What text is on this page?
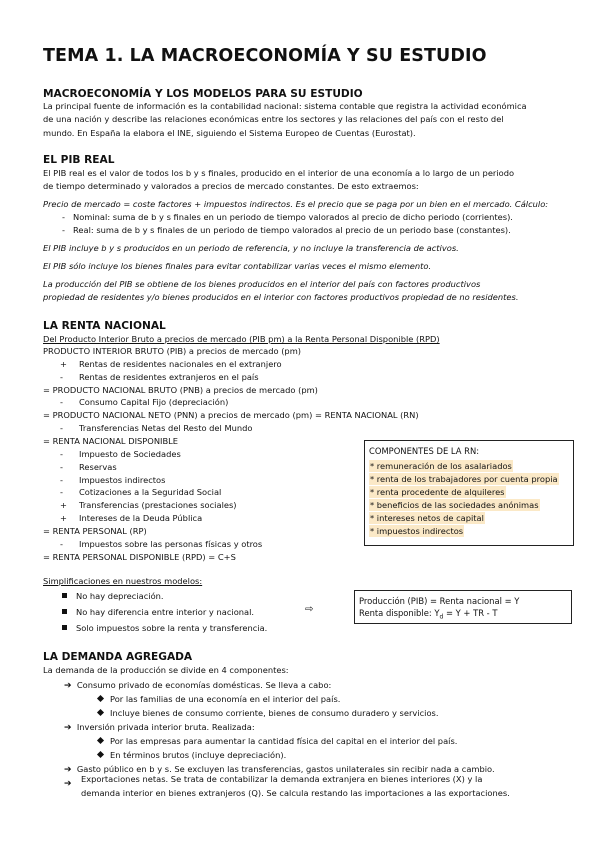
TEMA 1. LA MACROECONOMÍA Y SU ESTUDIO
MACROECONOMÍA Y LOS MODELOS PARA SU ESTUDIO
La principal fuente de información es la contabilidad nacional: sistema contable que registra la actividad económica
de una nación y describe las relaciones económicas entre los sectores y las relaciones del país con el resto del
mundo. En España la elabora el INE, siguiendo el Sistema Europeo de Cuentas (Eurostat).
EL PIB REAL
El PIB real es el valor de todos los b y s finales, producido en el interior de una economía a lo largo de un periodo
de tiempo determinado y valorados a precios de mercado constantes. De esto extraemos:
Precio de mercado = coste factores + impuestos indirectos. Es el precio que se paga por un bien en el mercado. Cálculo:
- Nominal: suma de b y s finales en un periodo de tiempo valorados al precio de dicho periodo (corrientes).
- Real: suma de b y s finales de un periodo de tiempo valorados al precio de un periodo base (constantes).
El PIB incluye b y s producidos en un periodo de referencia, y no incluye la transferencia de activos.
El PIB sólo incluye los bienes finales para evitar contabilizar varias veces el mismo elemento.
La producción del PIB se obtiene de los bienes producidos en el interior del país con factores productivos
propiedad de residentes y/o bienes producidos en el interior con factores productivos propiedad de no residentes.
LA RENTA NACIONAL
Del Producto Interior Bruto a precios de mercado (PIB pm) a la Renta Personal Disponible (RPD)
PRODUCTO INTERIOR BRUTO (PIB) a precios de mercado (pm)
+ Rentas de residentes nacionales en el extranjero
- Rentas de residentes extranjeros en el país
= PRODUCTO NACIONAL BRUTO (PNB) a precios de mercado (pm)
- Consumo Capital Fijo (depreciación)
= PRODUCTO NACIONAL NETO (PNN) a precios de mercado (pm) = RENTA NACIONAL (RN)
- Transferencias Netas del Resto del Mundo
= RENTA NACIONAL DISPONIBLE
- Impuesto de Sociedades
- Reservas
- Impuestos indirectos
- Cotizaciones a la Seguridad Social
+ Transferencias (prestaciones sociales)
+ Intereses de la Deuda Pública
= RENTA PERSONAL (RP)
- Impuestos sobre las personas físicas y otros
= RENTA PERSONAL DISPONIBLE (RPD) = C+S
COMPONENTES DE LA RN:
* remuneración de los asalariados
* renta de los trabajadores por cuenta propia
* renta procedente de alquileres
* beneficios de las sociedades anónimas
* intereses netos de capital
* impuestos indirectos
Simplificaciones en nuestros modelos:
No hay depreciación.
No hay diferencia entre interior y nacional.
Solo impuestos sobre la renta y transferencia.
⇨
Producción (PIB) = Renta nacional = Y
Renta disponible: $Y_d = Y$ + TR - T
LA DEMANDA AGREGADA
La demanda de la producción se divide en 4 componentes:
➔ Consumo privado de economías domésticas. Se lleva a cabo:
Por las familias de una economía en el interior del país.
Incluye bienes de consumo corriente, bienes de consumo duradero y servicios.
➔ Inversión privada interior bruta. Realizada:
Por las empresas para aumentar la cantidad física del capital en el interior del país.
En términos brutos (incluye depreciación).
➔ Gasto público en b y s. Se excluyen las transferencias, gastos unilaterales sin recibir nada a cambio.
➔ Exportaciones netas. Se trata de contabilizar la demanda extranjera en bienes interiores (X) y la
demanda interior en bienes extranjeros (Q). Se calcula restando las importaciones a las exportaciones.
